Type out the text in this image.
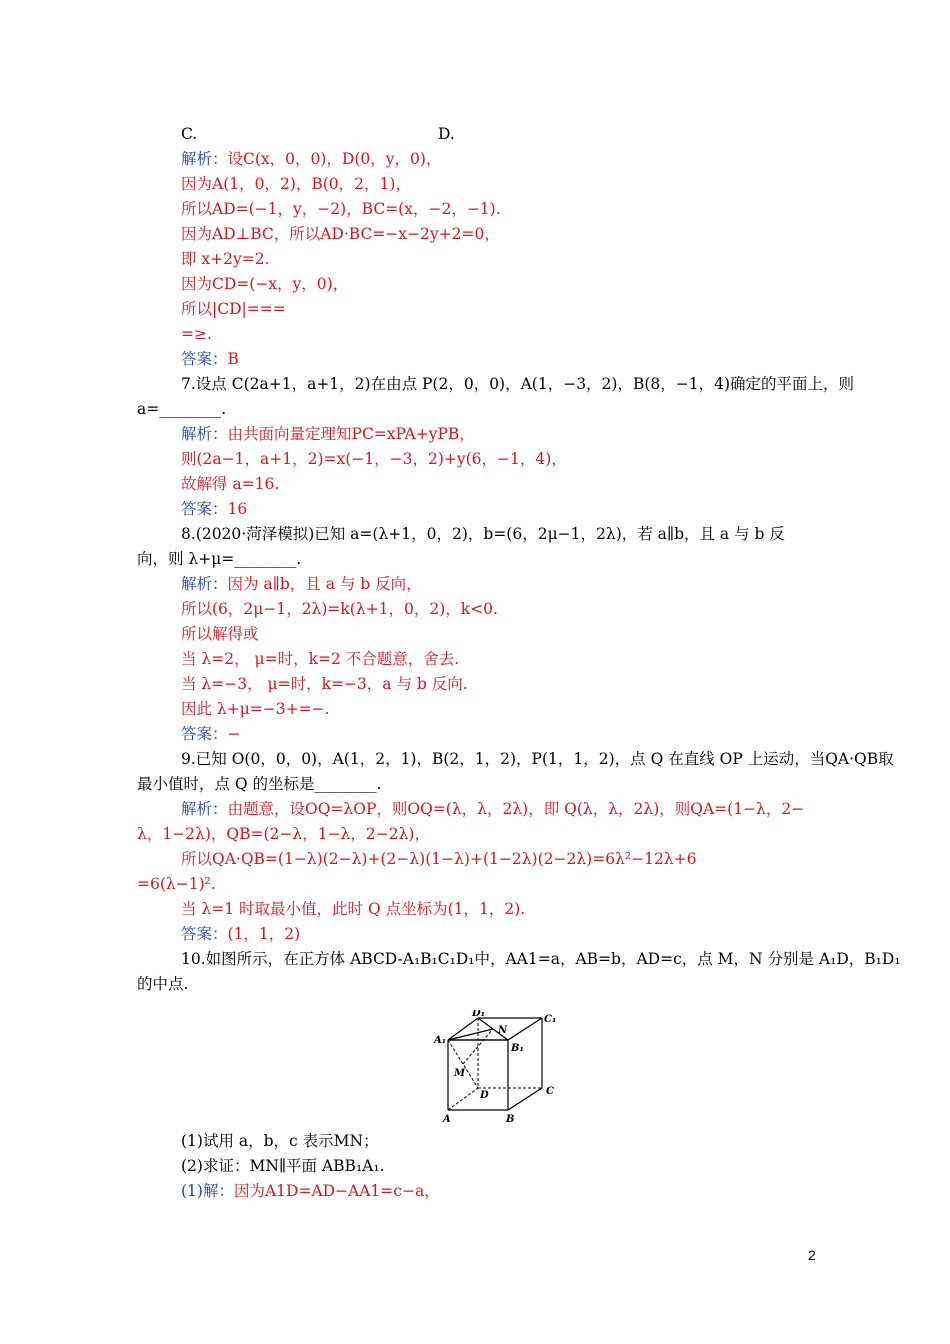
C.	D.
解析：设C(x，0，0)，D(0，y，0)，
因为A(1，0，2)，B(0，2，1)，
所以AD=(−1，y，−2)，BC=(x，−2，−1).
因为AD⊥BC，所以AD·BC=−x−2y+2=0，
即 x+2y=2.
因为CD=(−x，y，0)，
所以|CD|===
=≥.
答案：B
7.设点 C(2a+1，a+1，2)在由点 P(2，0，0)，A(1，−3，2)，B(8，−1，4)确定的平面上，则
a=________.
解析：由共面向量定理知PC=xPA+yPB，
则(2a−1，a+1，2)=x(−1，−3，2)+y(6，−1，4)，
故解得 a=16.
答案：16
8.(2020·菏泽模拟)已知 a=(λ+1，0，2)，b=(6，2μ−1，2λ)，若 a∥b，且 a 与 b 反
向，则 λ+μ=________.
解析：因为 a∥b，且 a 与 b 反向，
所以(6，2μ−1，2λ)=k(λ+1，0，2)，k<0.
所以解得或
当 λ=2， μ=时，k=2 不合题意，舍去.
当 λ=−3， μ=时，k=−3，a 与 b 反向.
因此 λ+μ=−3+=−.
答案：−
9.已知 O(0，0，0)，A(1，2，1)，B(2，1，2)，P(1，1，2)，点 Q 在直线 OP 上运动，当QA·QB取
最小值时，点 Q 的坐标是________.
解析：由题意，设OQ=λOP，则OQ=(λ，λ，2λ)，即 Q(λ，λ，2λ)，则QA=(1−λ，2−
λ，1−2λ)，QB=(2−λ，1−λ，2−2λ)，
所以QA·QB=(1−λ)(2−λ)+(2−λ)(1−λ)+(1−2λ)(2−2λ)=6λ²−12λ+6
=6(λ−1)².
当 λ=1 时取最小值，此时 Q 点坐标为(1，1，2).
答案：(1，1，2)
10.如图所示，在正方体 ABCD-A₁B₁C₁D₁中，AA1=a，AB=b，AD=c，点 M，N 分别是 A₁D，B₁D₁
的中点.
D₁
C₁
A₁
B₁
N
M
D	C
A	B
(1)试用 a，b，c 表示MN；
(2)求证：MN∥平面 ABB₁A₁.
(1)解：因为A1D=AD−AA1=c−a，
2
